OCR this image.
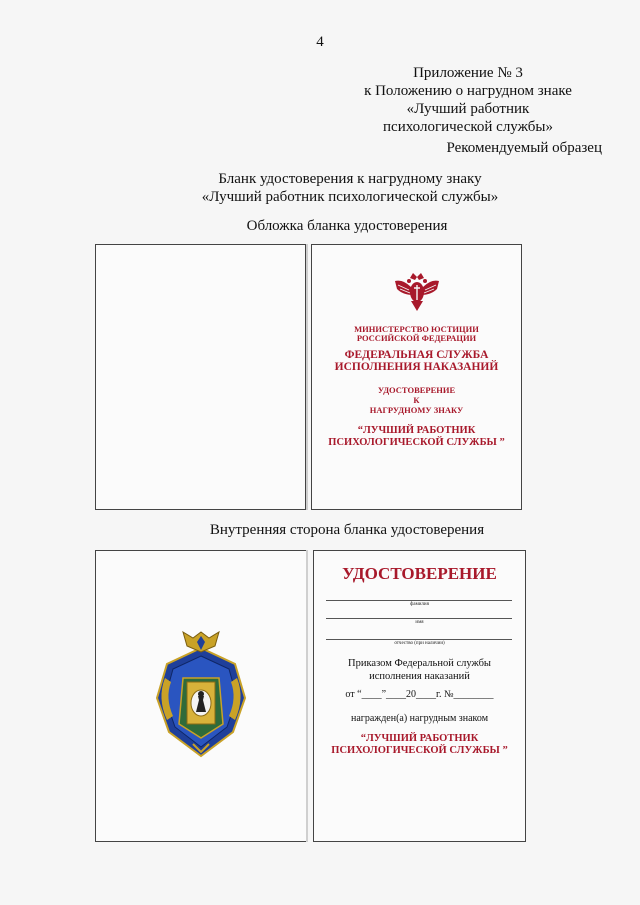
4
Приложение № 3
к Положению о нагрудном знаке
«Лучший работник
психологической службы»
Рекомендуемый образец
Бланк удостоверения к нагрудному знаку
«Лучший работник психологической службы»
Обложка бланка удостоверения
МИНИСТЕРСТВО ЮСТИЦИИ
РОССИЙСКОЙ ФЕДЕРАЦИИ
ФЕДЕРАЛЬНАЯ СЛУЖБА
ИСПОЛНЕНИЯ НАКАЗАНИЙ
УДОСТОВЕРЕНИЕ
К
НАГРУДНОМУ ЗНАКУ
“ЛУЧШИЙ РАБОТНИК
ПСИХОЛОГИЧЕСКОЙ СЛУЖБЫ ”
Внутренняя сторона бланка удостоверения
УДОСТОВЕРЕНИЕ
фамилия
имя
отчество (при наличии)
Приказом Федеральной службы
исполнения наказаний
от “____”____20____г. №________
награжден(а) нагрудным знаком
“ЛУЧШИЙ РАБОТНИК
ПСИХОЛОГИЧЕСКОЙ СЛУЖБЫ ”
